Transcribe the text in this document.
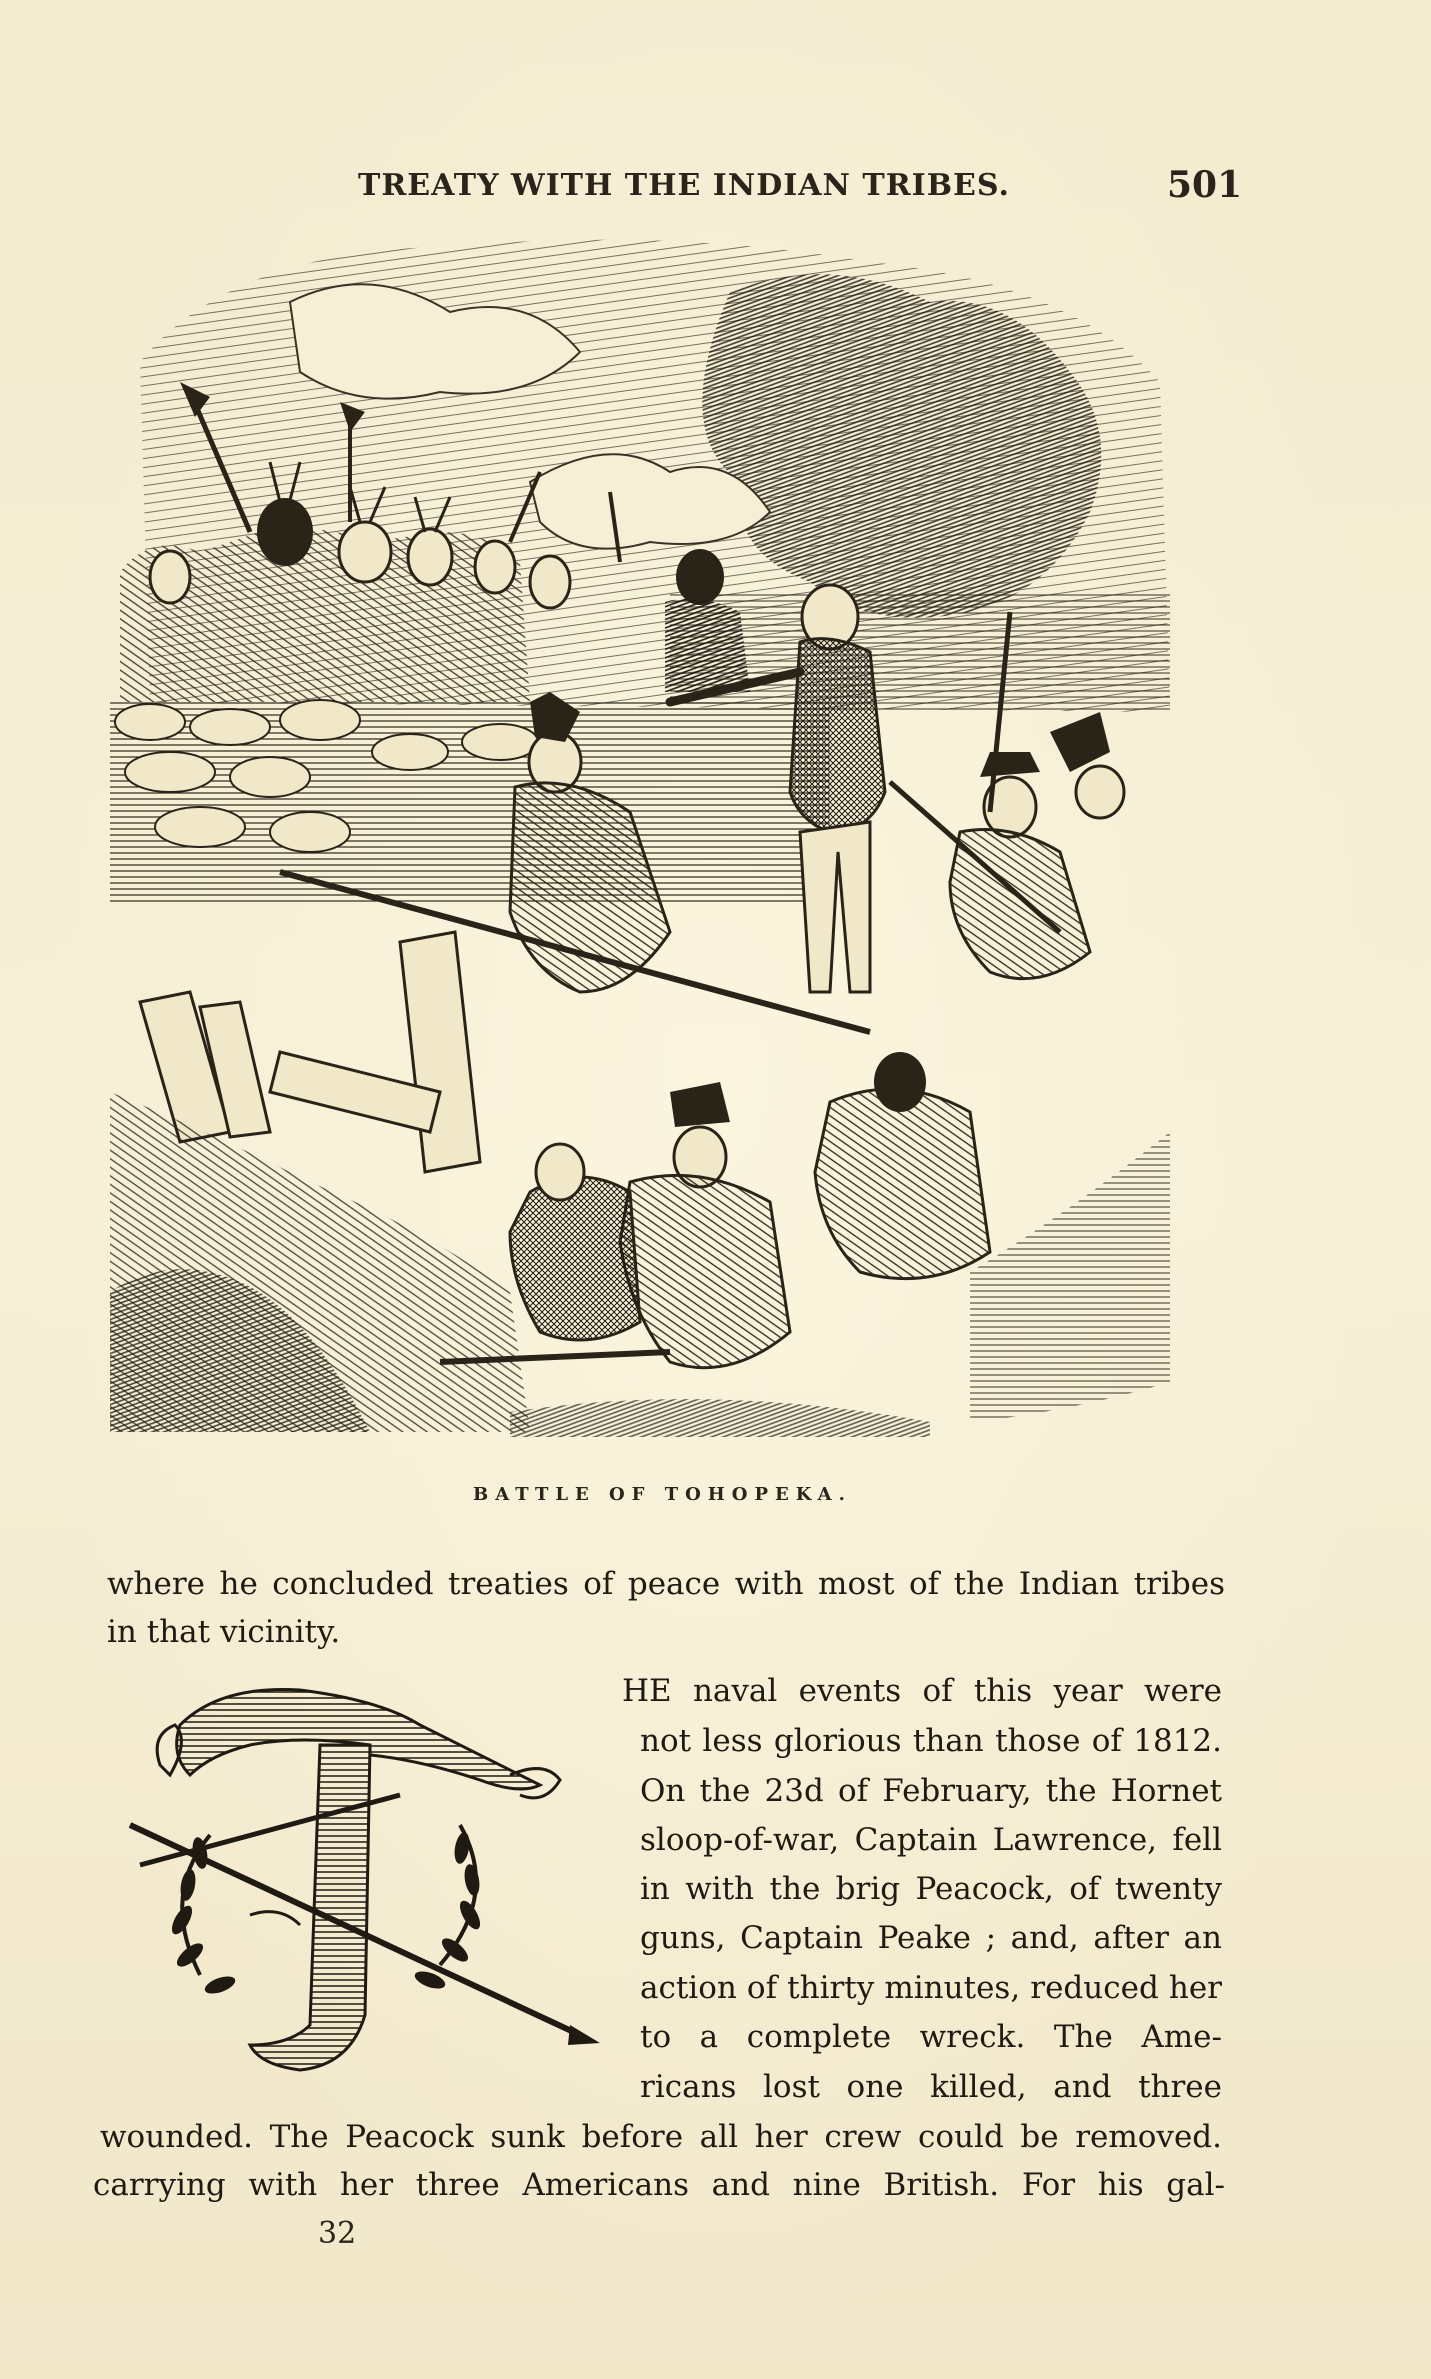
TREATY WITH THE INDIAN TRIBES.	501
BATTLE OF TOHOPEKA.
where he concluded treaties of peace with most of the Indian tribes
in that vicinity.
HE naval events of this year were
not less glorious than those of 1812.
On the 23d of February, the Hornet
sloop-of-war, Captain Lawrence, fell
in with the brig Peacock, of twenty
guns, Captain Peake ; and, after an
action of thirty minutes, reduced her
to a complete wreck. The Ame-
ricans lost one killed, and three
wounded. The Peacock sunk before all her crew could be removed.
carrying with her three Americans and nine British. For his gal-
32
